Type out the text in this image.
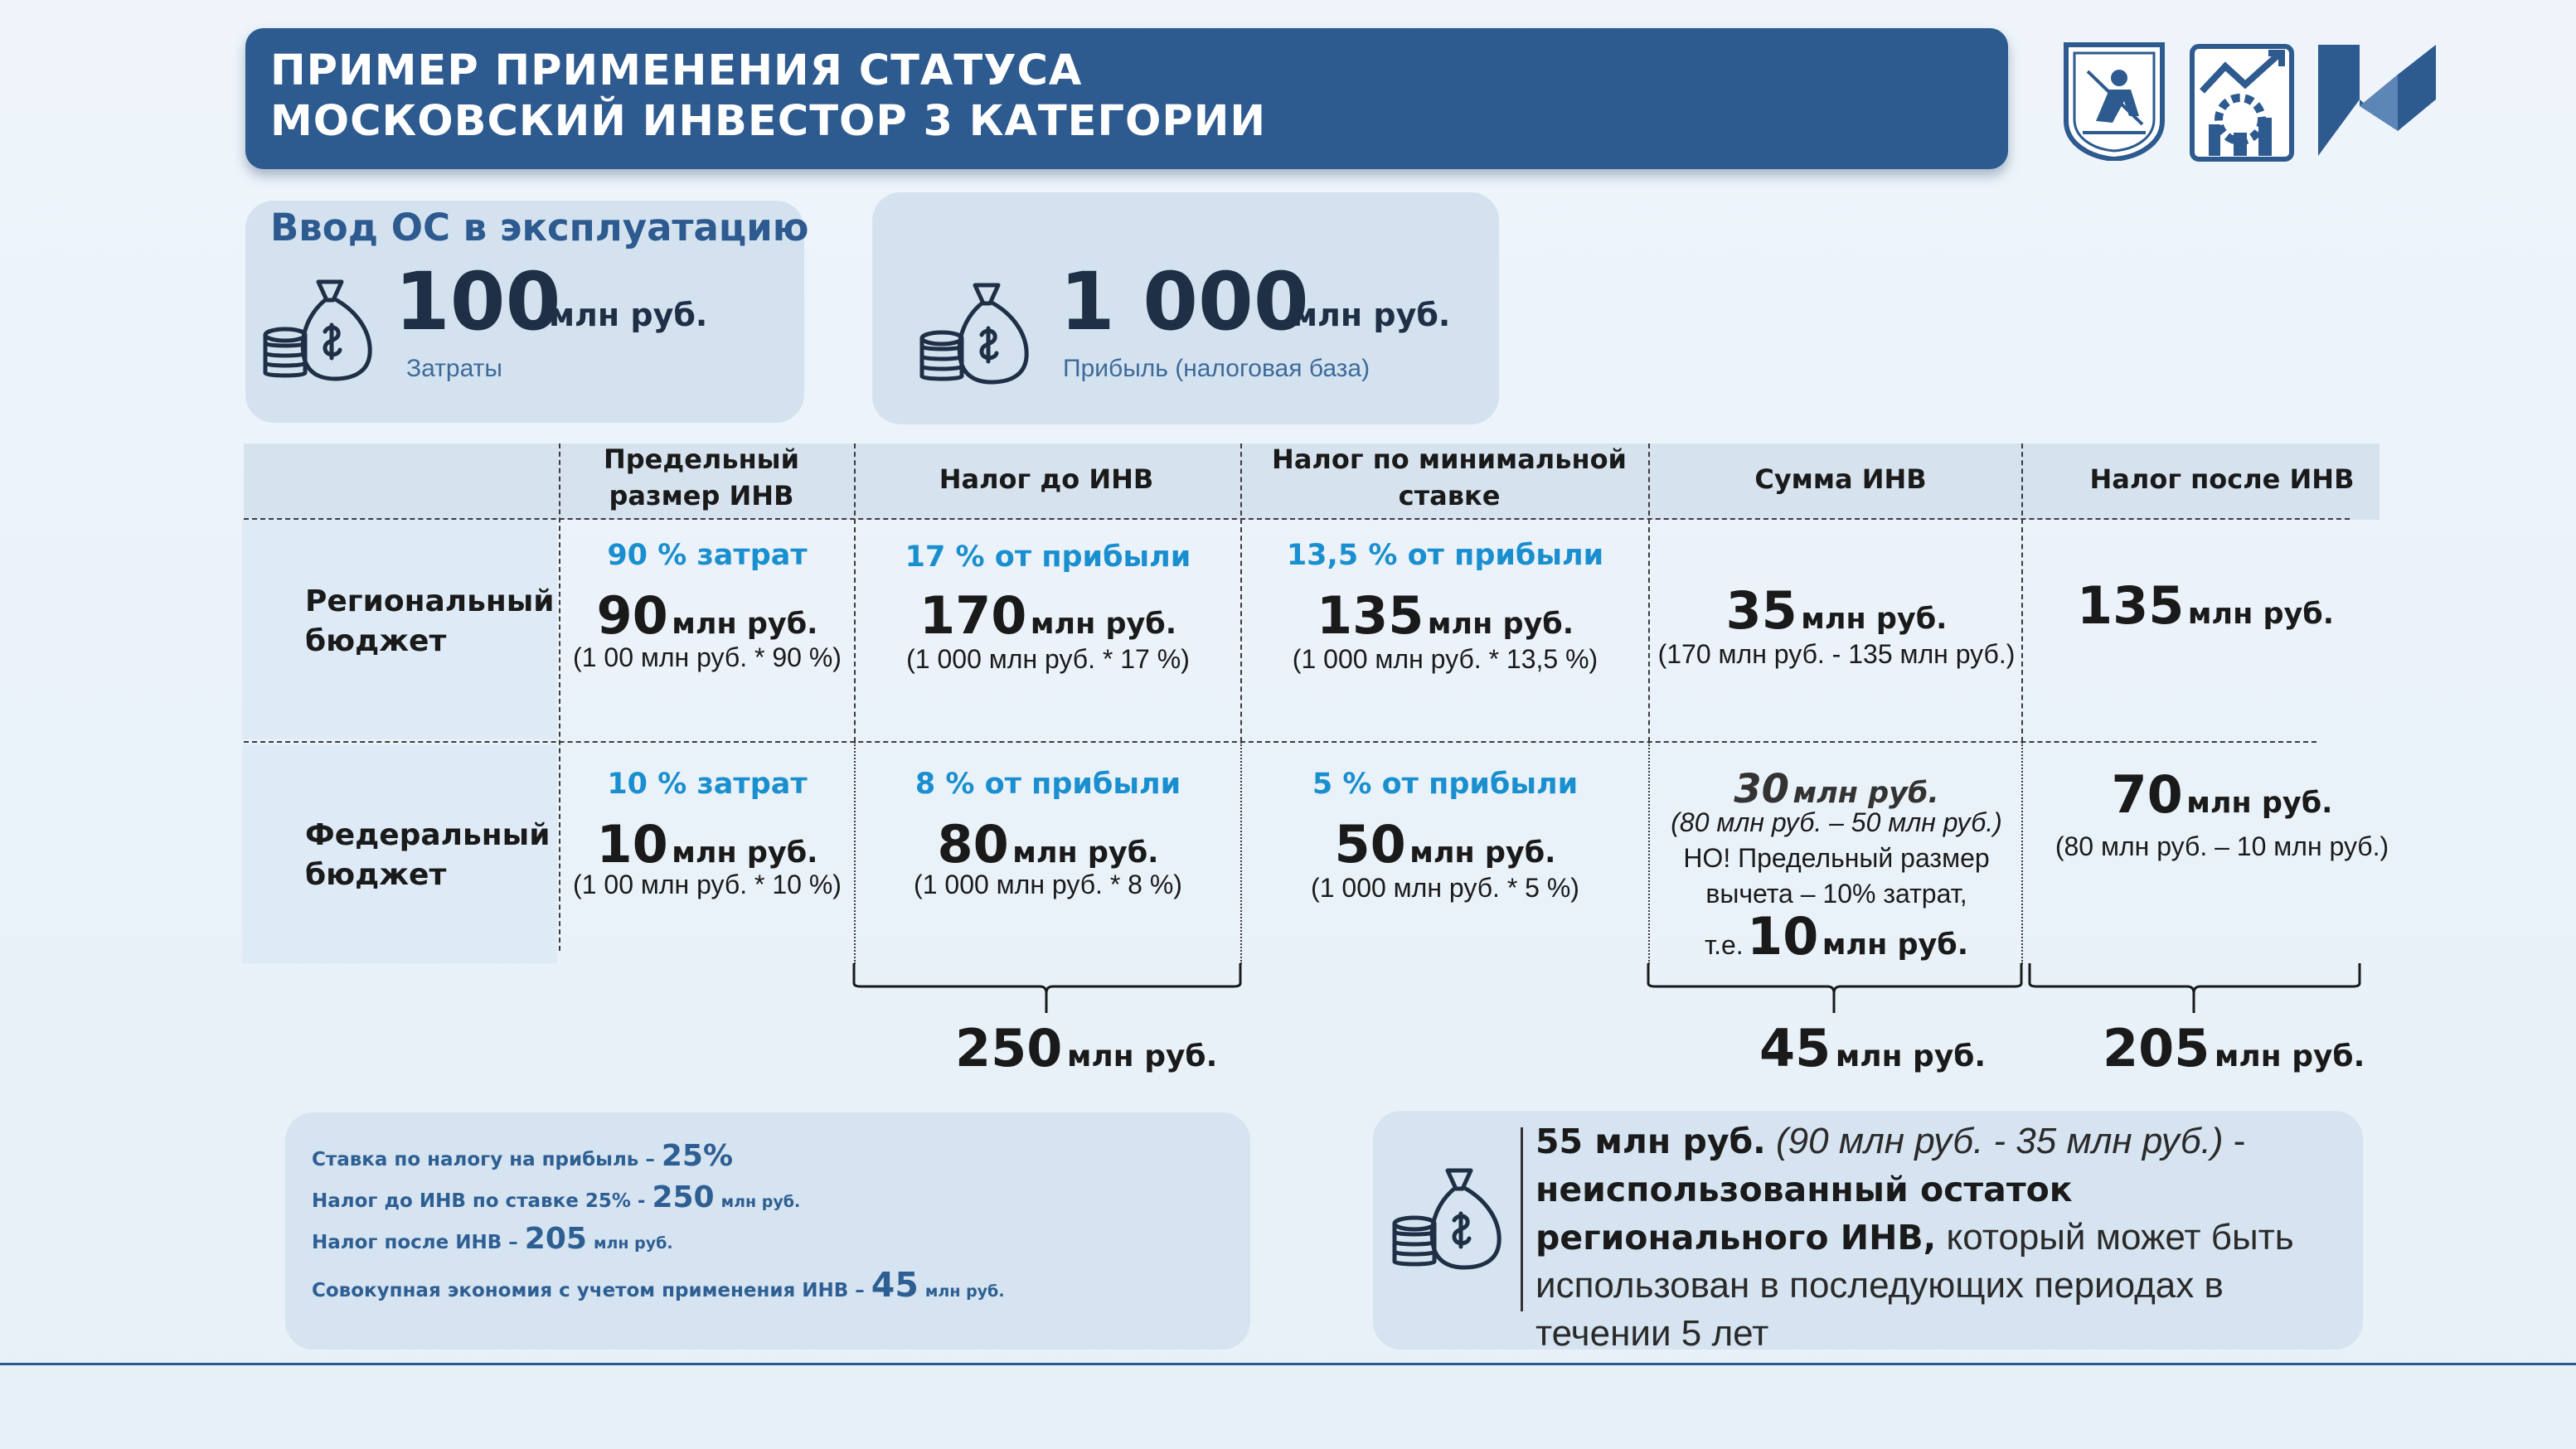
ПРИМЕР ПРИМЕНЕНИЯ СТАТУСА
МОСКОВСКИЙ ИНВЕСТОР 3 КАТЕГОРИИ
Ввод ОС в эксплуатацию
100
млн руб.
Затраты
1 000
млн руб.
Прибыль (налоговая база)
Предельный размер ИНВ
Налог до ИНВ
Налог по минимальной ставке
Сумма ИНВ	Налог после ИНВ
Региональный бюджет
Федеральный бюджет
90 % затрат
90 млн руб.
(1 00 млн руб. * 90 %)
17 % от прибыли
170 млн руб.
(1 000 млн руб. * 17 %)
13,5 % от прибыли
135 млн руб.
(1 000 млн руб. * 13,5 %)
35 млн руб.
(170 млн руб. - 135 млн руб.)
135 млн руб.
10 % затрат
10 млн руб.
(1 00 млн руб. * 10 %)
8 % от прибыли
80 млн руб.
(1 000 млн руб. * 8 %)
5 % от прибыли
50 млн руб.
(1 000 млн руб. * 5 %)
30 млн руб.
(80 млн руб. – 50 млн руб.)
НО! Предельный размер
вычета – 10% затрат,
т.е. 10 млн руб.
70 млн руб.
(80 млн руб. – 10 млн руб.)
250 млн руб.	45 млн руб. 205 млн руб.
Ставка по налогу на прибыль – 25%
Налог до ИНВ по ставке 25% - 250 млн руб.
Налог после ИНВ – 205 млн руб.
Совокупная экономия с учетом применения ИНВ – 45 млн руб.
55 млн руб. (90 млн руб. - 35 млн руб.) - неиспользованный остаток регионального ИНВ, который может быть использован в последующих периодах в течении 5 лет
